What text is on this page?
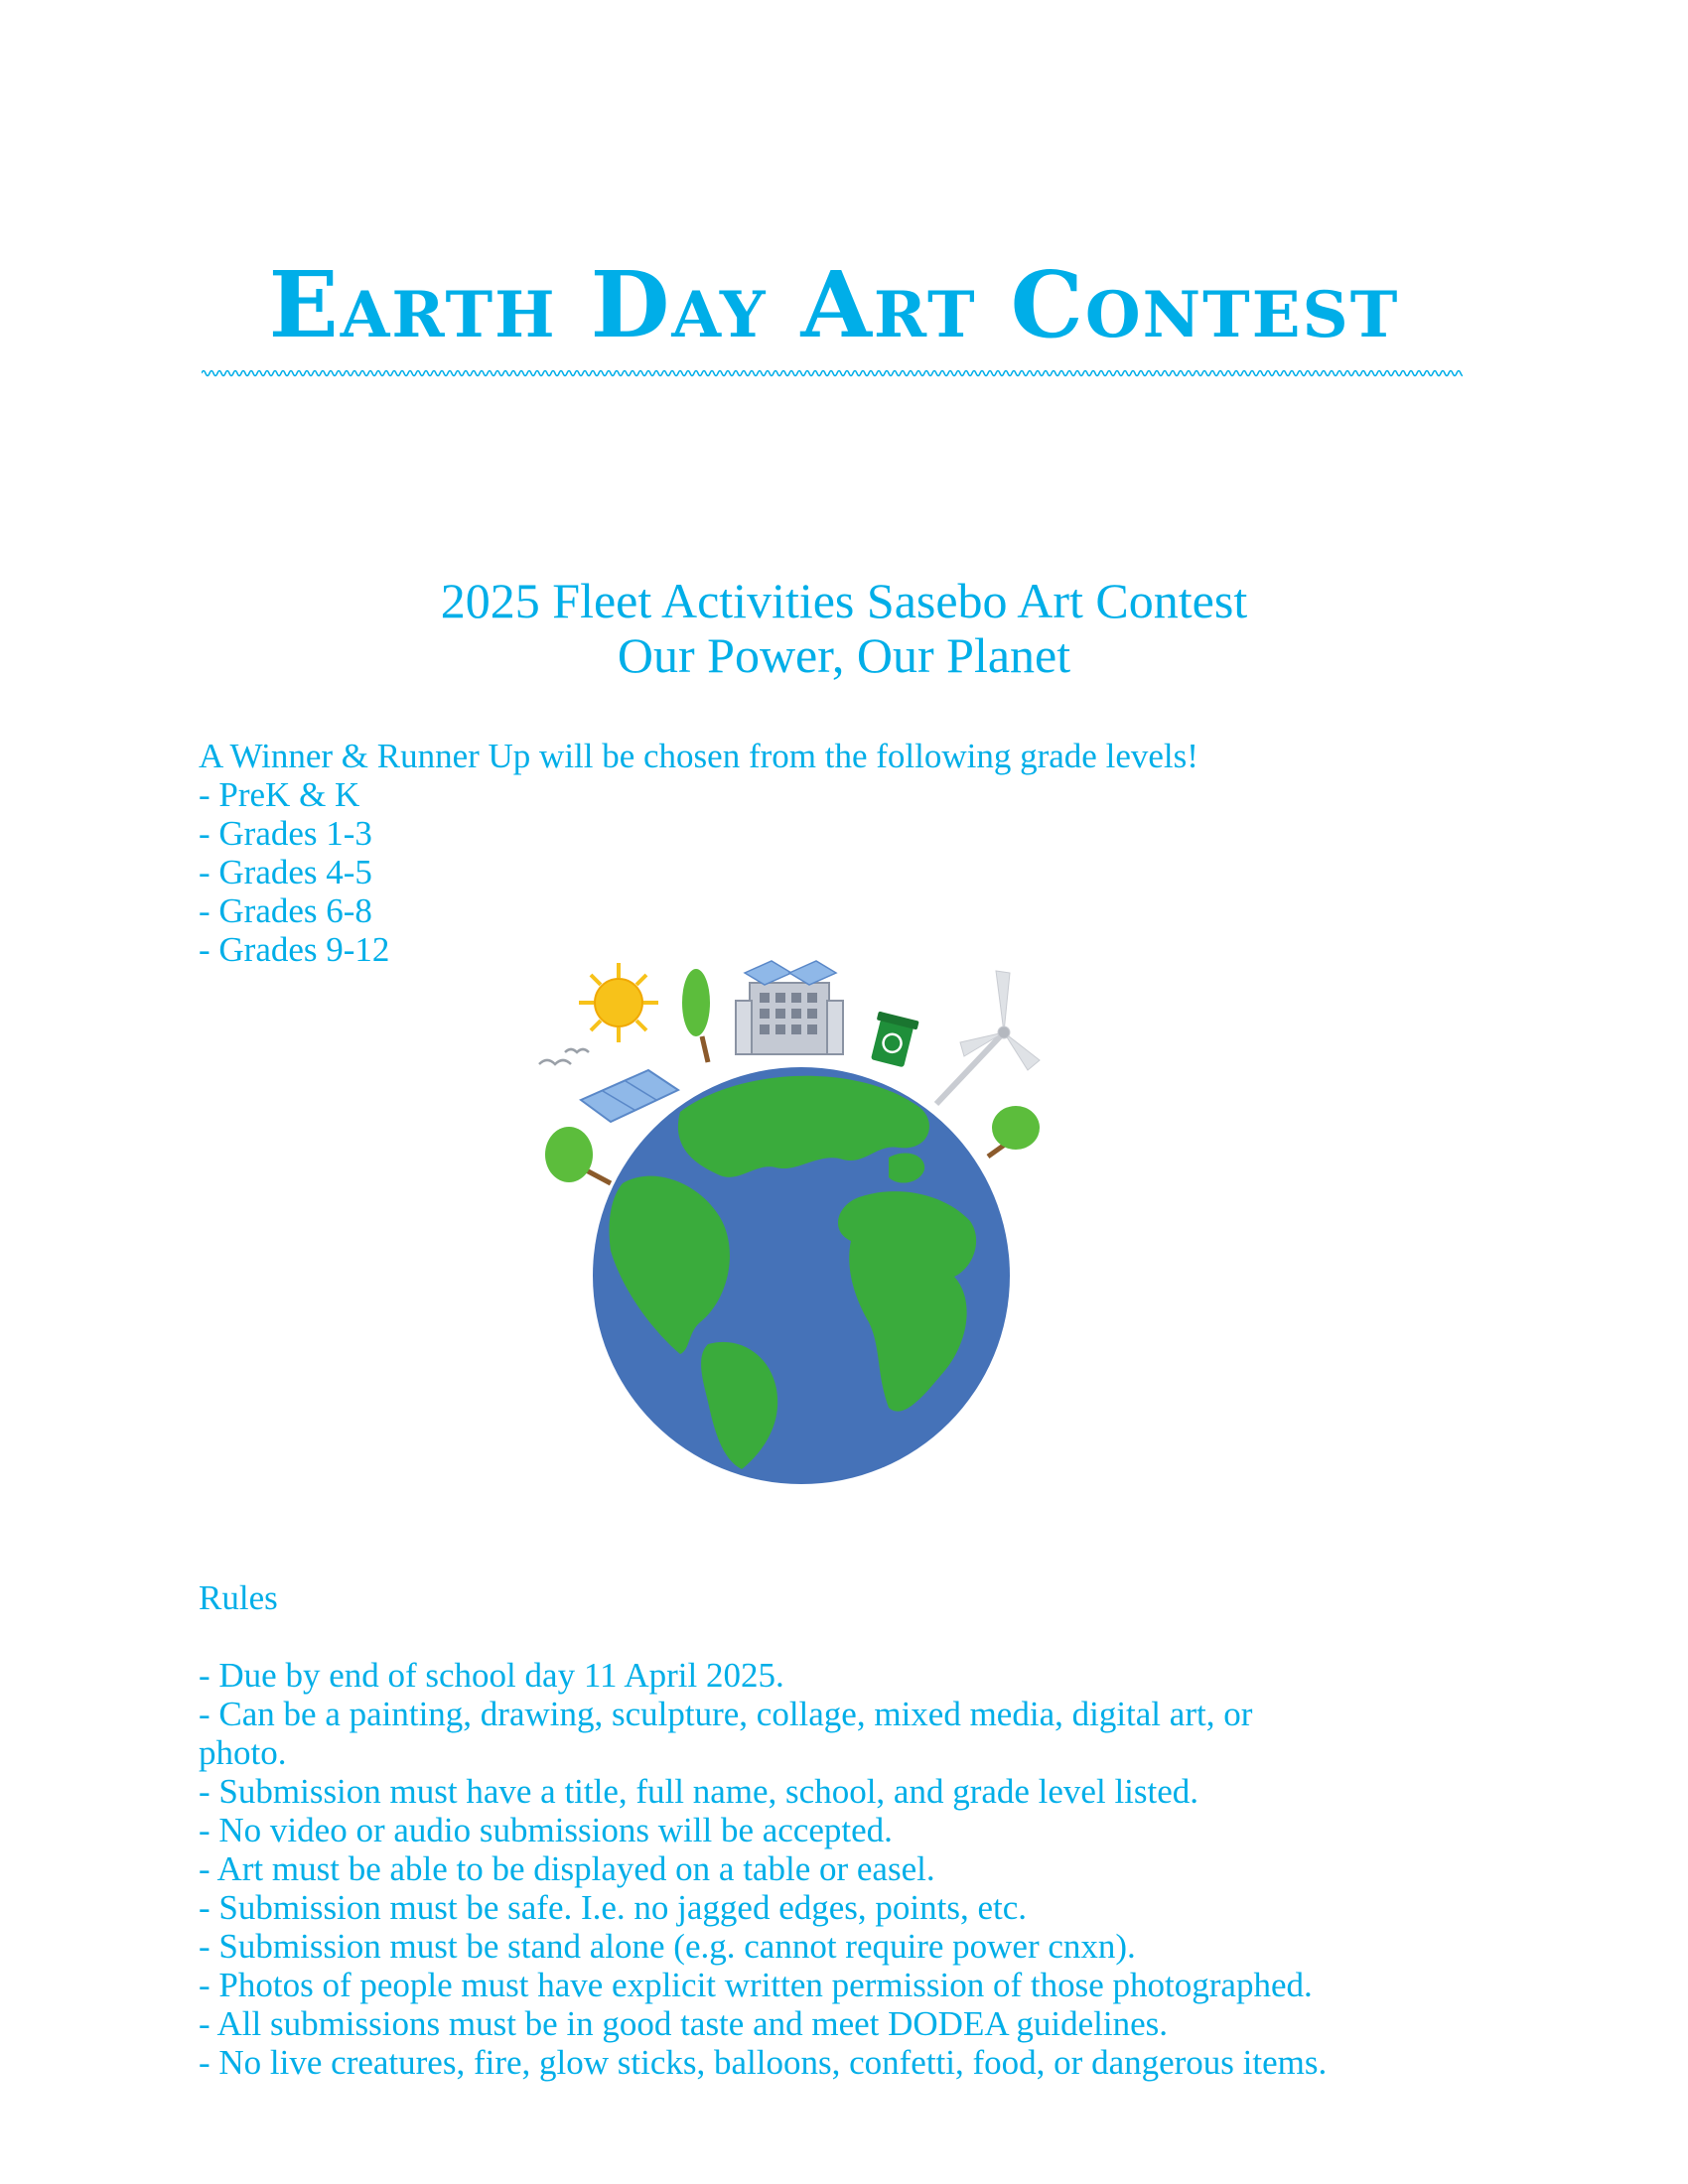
Earth Day Art Contest
2025 Fleet Activities Sasebo Art Contest
Our Power, Our Planet
A Winner & Runner Up will be chosen from the following grade levels!
- PreK & K
- Grades 1-3
- Grades 4-5
- Grades 6-8
- Grades 9-12
Rules
- Due by end of school day 11 April 2025.
- Can be a painting, drawing, sculpture, collage, mixed media, digital art, or
photo.
- Submission must have a title, full name, school, and grade level listed.
- No video or audio submissions will be accepted.
- Art must be able to be displayed on a table or easel.
- Submission must be safe. I.e. no jagged edges, points, etc.
- Submission must be stand alone (e.g. cannot require power cnxn).
- Photos of people must have explicit written permission of those photographed.
- All submissions must be in good taste and meet DODEA guidelines.
- No live creatures, fire, glow sticks, balloons, confetti, food, or dangerous items.
